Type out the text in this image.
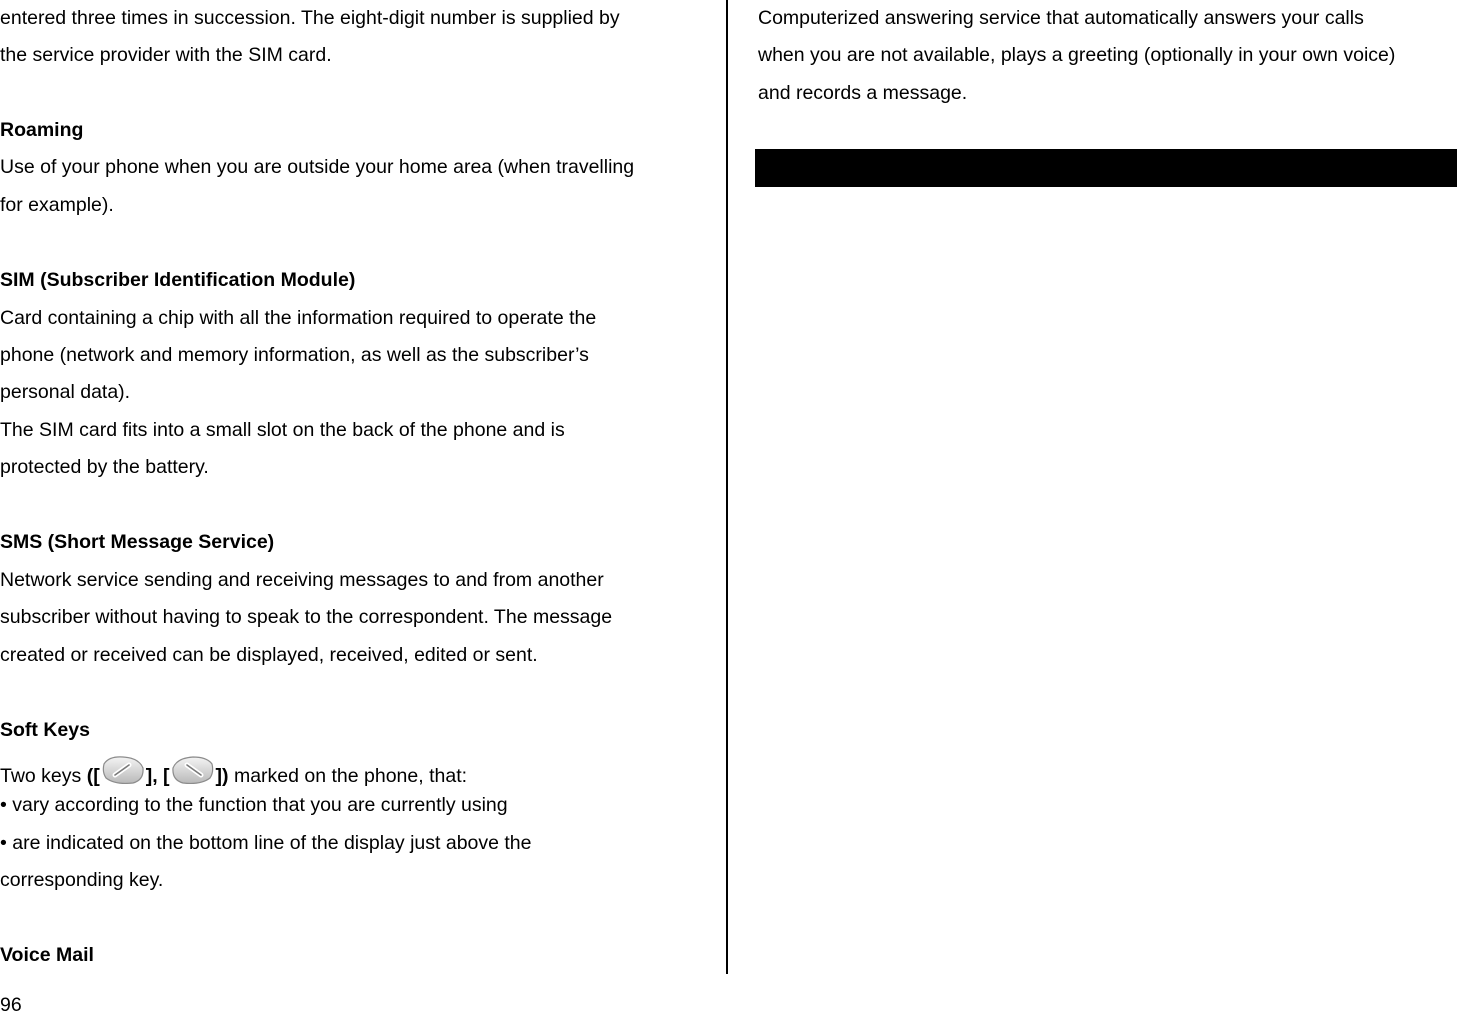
entered three times in succession. The eight-digit number is supplied by
the service provider with the SIM card.
Roaming
Use of your phone when you are outside your home area (when travelling
for example).
SIM (Subscriber Identification Module)
Card containing a chip with all the information required to operate the
phone (network and memory information, as well as the subscriber’s
personal data).
The SIM card fits into a small slot on the back of the phone and is
protected by the battery.
SMS (Short Message Service)
Network service sending and receiving messages to and from another
subscriber without having to speak to the correspondent. The message
created or received can be displayed, received, edited or sent.
Soft Keys
Two keys ([ ], [ ]) marked on the phone, that:
• vary according to the function that you are currently using
• are indicated on the bottom line of the display just above the
corresponding key.
Voice Mail
Computerized answering service that automatically answers your calls
when you are not available, plays a greeting (optionally in your own voice)
and records a message.
96
